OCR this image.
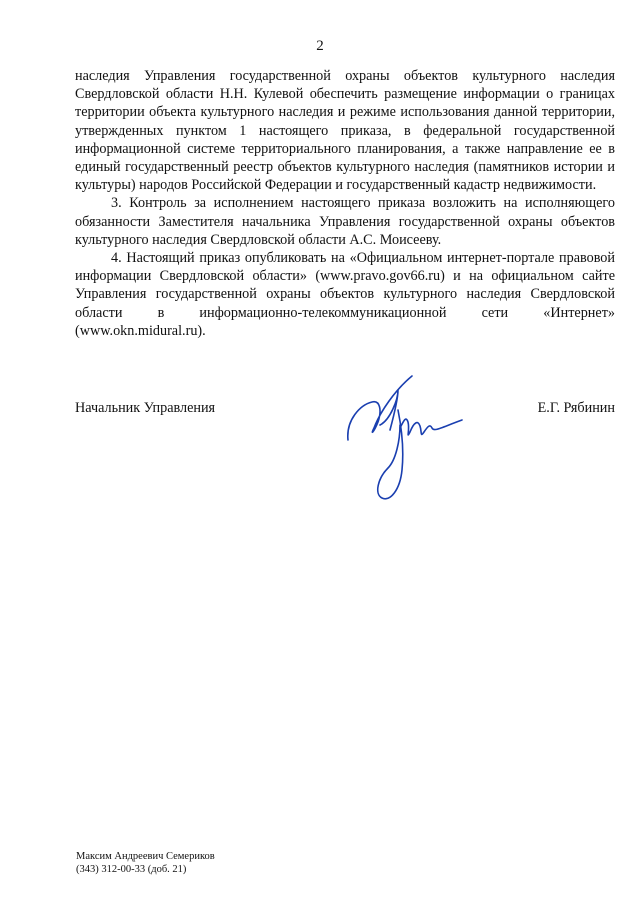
2

наследия Управления государственной охраны объектов культурного наследия Свердловской области Н.Н. Кулевой обеспечить размещение информации о границах территории объекта культурного наследия и режиме использования данной территории, утвержденных пунктом 1 настоящего приказа, в федеральной государственной информационной системе территориального планирования, а также направление ее в единый государственный реестр объектов культурного наследия (памятников истории и культуры) народов Российской Федерации и государственный кадастр недвижимости.

3. Контроль за исполнением настоящего приказа возложить на исполняющего обязанности Заместителя начальника Управления государственной охраны объектов культурного наследия Свердловской области А.С. Моисееву.

4. Настоящий приказ опубликовать на «Официальном интернет-портале правовой информации Свердловской области» (www.pravo.gov66.ru) и на официальном сайте Управления государственной охраны объектов культурного наследия Свердловской области в информационно-телекоммуникационной сети «Интернет» (www.okn.midural.ru).

Начальник Управления	Е.Г. Рябинин
Максим Андреевич Семериков
(343) 312-00-33 (доб. 21)
